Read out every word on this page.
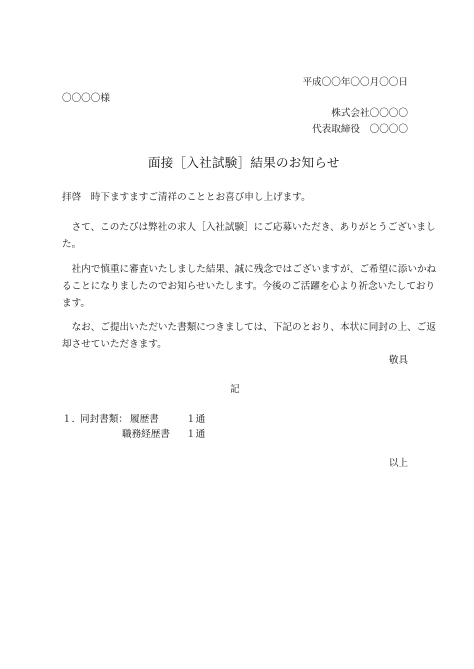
平成〇〇年〇〇月〇〇日
〇〇〇〇様
株式会社〇〇〇〇
代表取締役　〇〇〇〇
面接［入社試験］結果のお知らせ
拝啓　時下ますますご清祥のこととお喜び申し上げます。
　さて、このたびは弊社の求人［入社試験］にご応募いただき、ありがとうございまし
た。
　社内で慎重に審査いたしました結果、誠に残念ではございますが、ご希望に添いかね
ることになりましたのでお知らせいたします。今後のご活躍を心より祈念いたしており
ます。
　なお、ご提出いただいた書類につきましては、下記のとおり、本状に同封の上、ご返
却させていただきます。
敬具
記
１．
同封書類： 履歴書	１通
職務経歴書 １通
以上
